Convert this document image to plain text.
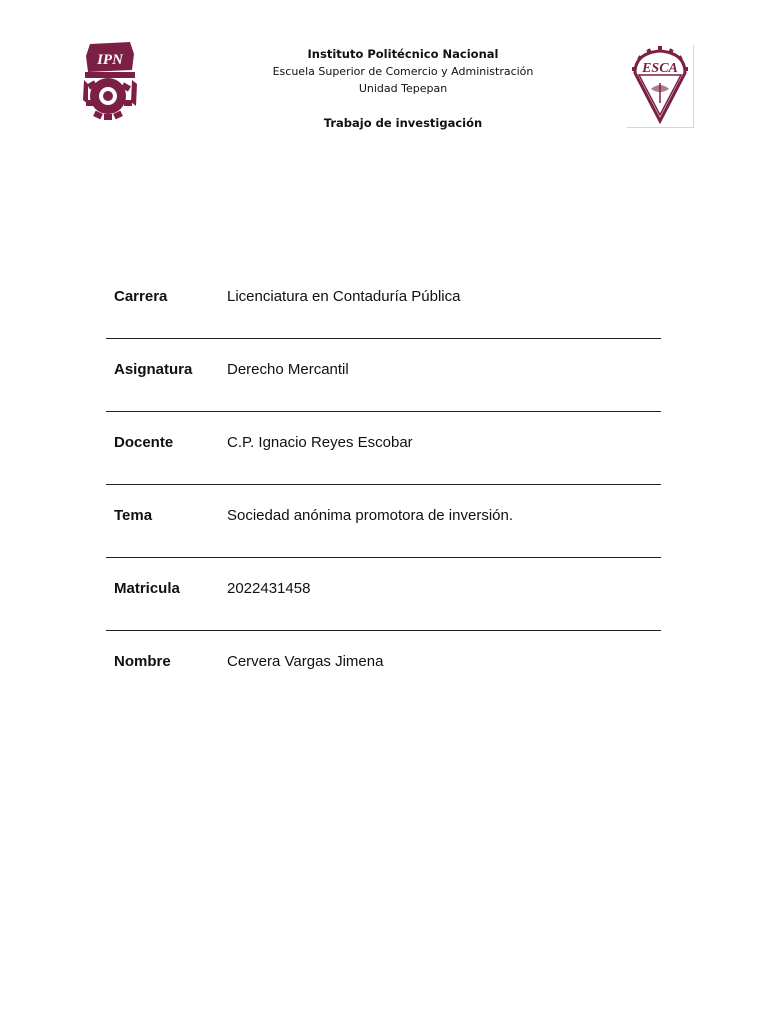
IPN	Instituto Politécnico Nacional
Escuela Superior de Comercio y Administración
Unidad Tepepan
Trabajo de investigación
ESCA
Carrera	Licenciatura en Contaduría Pública
Asignatura Derecho Mercantil
Docente	C.P. Ignacio Reyes Escobar
Tema	Sociedad anónima promotora de inversión.
Matricula	2022431458
Nombre	Cervera Vargas Jimena
